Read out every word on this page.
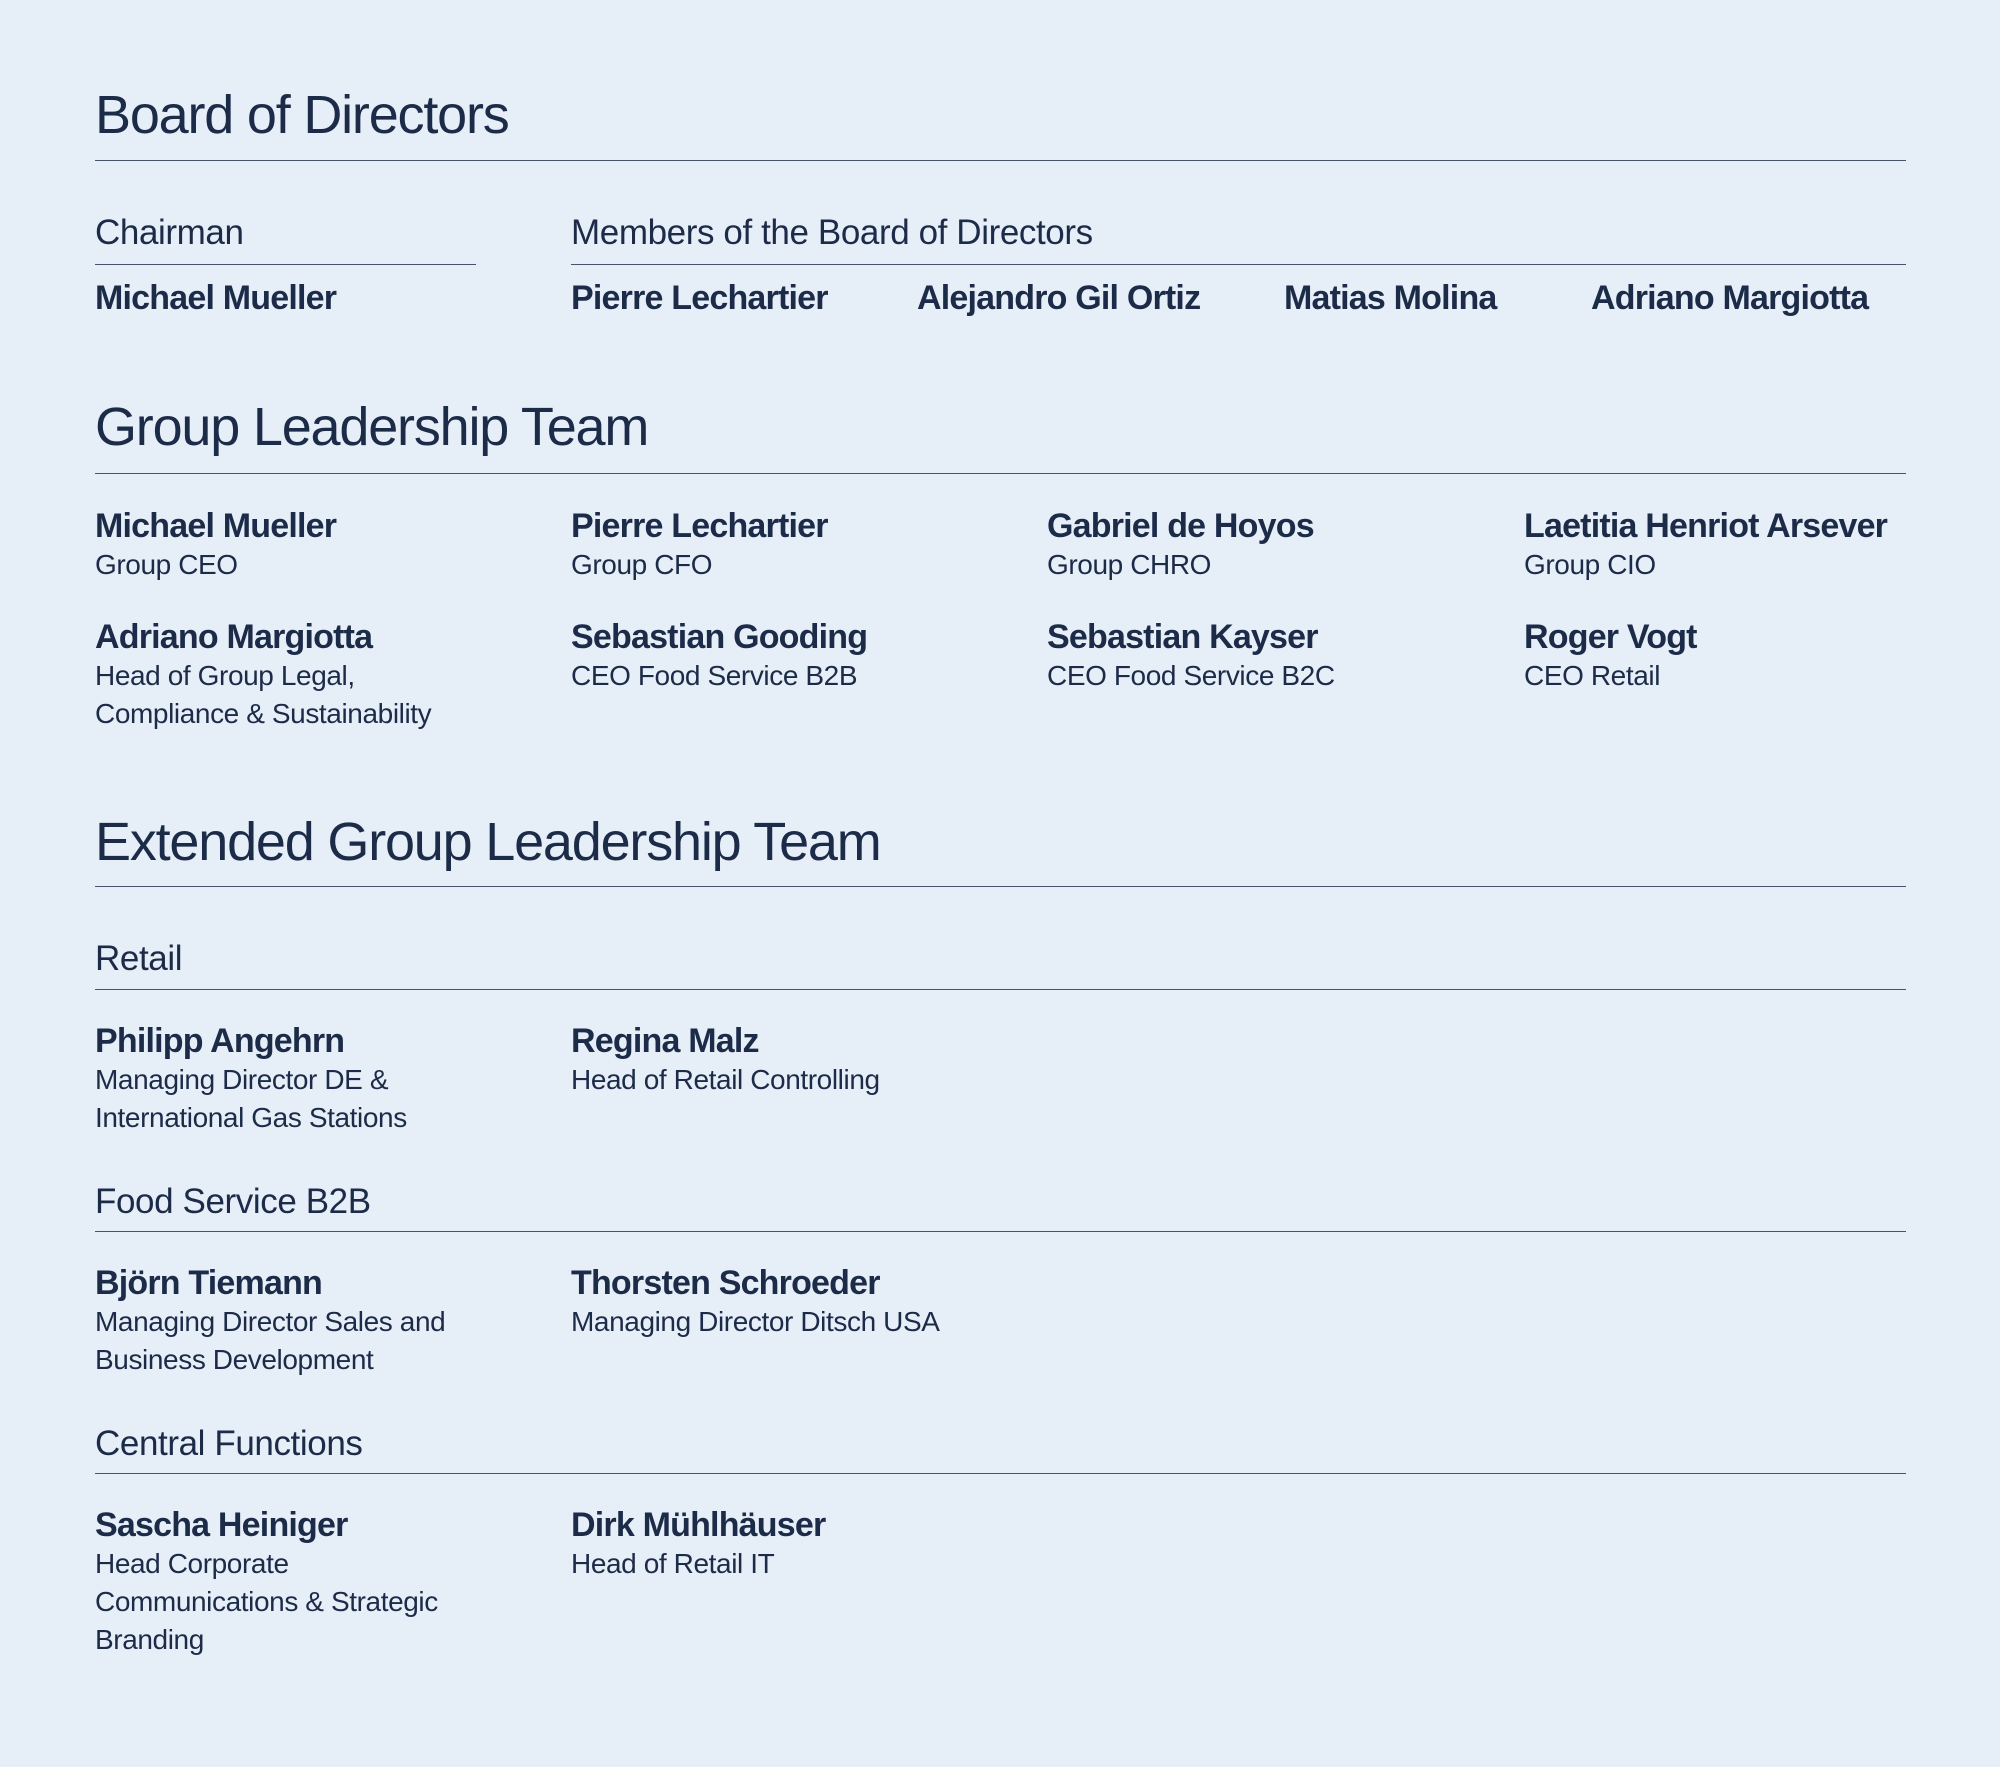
Board of Directors
Chairman
Michael Mueller
Members of the Board of Directors
Pierre Lechartier	Alejandro Gil Ortiz Matias Molina	Adriano Margiotta
Group Leadership Team
Michael Mueller
Group CEO
Pierre Lechartier
Group CFO
Gabriel de Hoyos
Group CHRO
Laetitia Henriot Arsever
Group CIO
Adriano Margiotta
Head of Group Legal, Compliance & Sustainability
Sebastian Gooding
CEO Food Service B2B
Sebastian Kayser
CEO Food Service B2C
Roger Vogt
CEO Retail
Extended Group Leadership Team
Retail
Philipp Angehrn
Managing Director DE & International Gas Stations
Regina Malz
Head of Retail Controlling
Food Service B2B
Björn Tiemann
Managing Director Sales and Business Development
Thorsten Schroeder
Managing Director Ditsch USA
Central Functions
Sascha Heiniger
Head Corporate Communications & Strategic Branding
Dirk Mühlhäuser
Head of Retail IT
